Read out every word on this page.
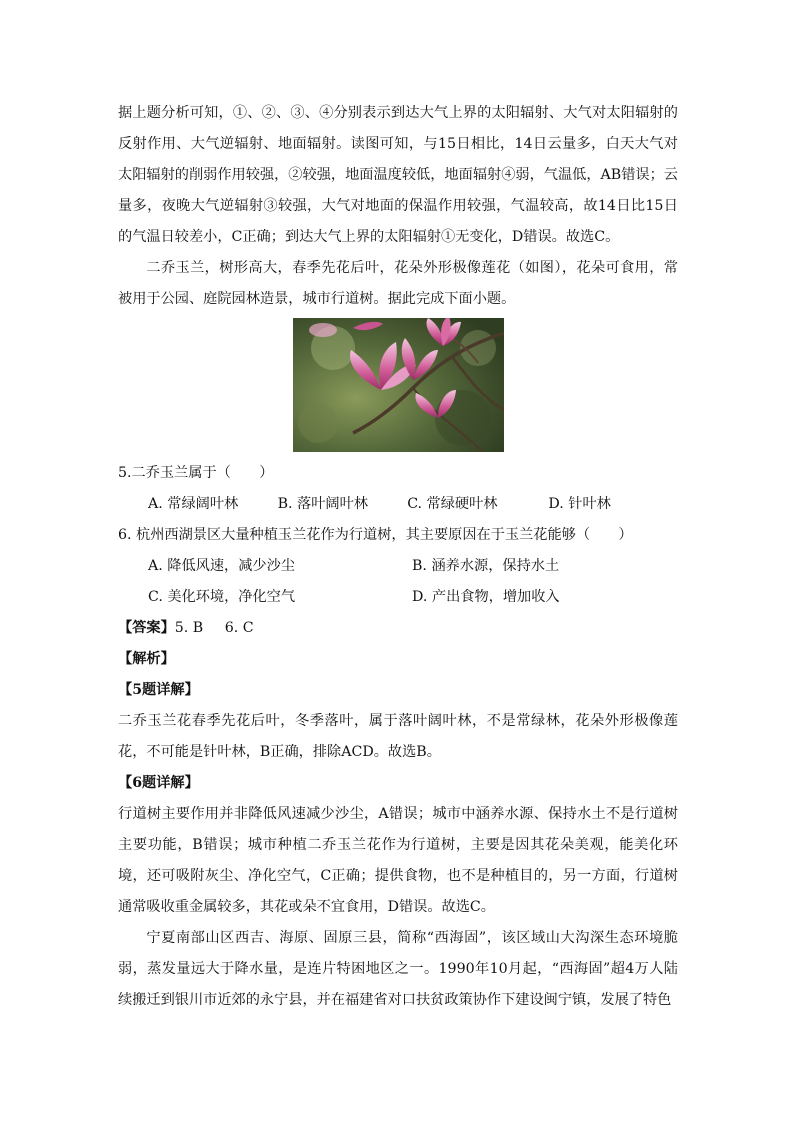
据上题分析可知，①、②、③、④分别表示到达大气上界的太阳辐射、大气对太阳辐射的反射作用、大气逆辐射、地面辐射。读图可知，与15日相比，14日云量多，白天大气对太阳辐射的削弱作用较强，②较强，地面温度较低，地面辐射④弱，气温低，AB错误；云量多，夜晚大气逆辐射③较强，大气对地面的保温作用较强，气温较高，故14日比15日的气温日较差小，C正确；到达大气上界的太阳辐射①无变化，D错误。故选C。

二乔玉兰，树形高大，春季先花后叶，花朵外形极像莲花（如图），花朵可食用，常被用于公园、庭院园林造景，城市行道树。据此完成下面小题。

5.二乔玉兰属于（　　）

A. 常绿阔叶林	B. 落叶阔叶林	C. 常绿硬叶林	D. 针叶林

6. 杭州西湖景区大量种植玉兰花作为行道树，其主要原因在于玉兰花能够（　　）

A. 降低风速，减少沙尘	B. 涵养水源，保持水土
C. 美化环境，净化空气	D. 产出食物，增加收入

【答案】5. B 6. C

【解析】

【5题详解】

二乔玉兰花春季先花后叶，冬季落叶，属于落叶阔叶林，不是常绿林，花朵外形极像莲花，不可能是针叶林，B正确，排除ACD。故选B。

【6题详解】

行道树主要作用并非降低风速减少沙尘，A错误；城市中涵养水源、保持水土不是行道树主要功能，B错误；城市种植二乔玉兰花作为行道树，主要是因其花朵美观，能美化环境，还可吸附灰尘、净化空气，C正确；提供食物，也不是种植目的，另一方面，行道树通常吸收重金属较多，其花或朵不宜食用，D错误。故选C。

宁夏南部山区西吉、海原、固原三县，简称“西海固”，该区域山大沟深生态环境脆弱，蒸发量远大于降水量，是连片特困地区之一。1990年10月起，“西海固”超4万人陆续搬迁到银川市近郊的永宁县，并在福建省对口扶贫政策协作下建设闽宁镇，发展了特色
